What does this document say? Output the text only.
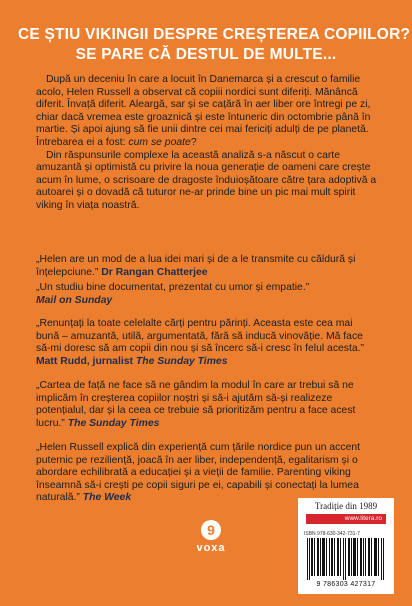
CE ȘTIU VIKINGII DESPRE CREȘTEREA COPIILOR?
SE PARE CĂ DESTUL DE MULTE...

După un deceniu în care a locuit în Danemarca și a crescut o familie acolo, Helen Russell a observat că copiii nordici sunt diferiți. Mănâncă diferit. Învață diferit. Aleargă, sar și se cațără în aer liber ore întregi pe zi, chiar dacă vremea este groaznică și este întuneric din octombrie până în martie. Și apoi ajung să fie unii dintre cei mai fericiți adulți de pe planetă. Întrebarea ei a fost: cum se poate?

Din răspunsurile complexe la această analiză s-a născut o carte amuzantă și optimistă cu privire la noua generație de oameni care crește acum în lume, o scrisoare de dragoste înduioșătoare către țara adoptivă a autoarei și o dovadă că tuturor ne-ar prinde bine un pic mai mult spirit viking în viața noastră.

„Helen are un mod de a lua idei mari și de a le transmite cu căldură și înțelepciune.” Dr Rangan Chatterjee
„Un studiu bine documentat, prezentat cu umor și empatie.”
Mail on Sunday
„Renunțați la toate celelalte cărți pentru părinți. Aceasta este cea mai bună – amuzantă, utilă, argumentată, fără să inducă vinovăție. Mă face să-mi doresc să am copii din nou și să încerc să-i cresc în felul acesta.” Matt Rudd, jurnalist The Sunday Times
„Cartea de față ne face să ne gândim la modul în care ar trebui să ne implicăm în creșterea copiilor noștri și să-i ajutăm să-și realizeze potențialul, dar și la ceea ce trebuie să prioritizăm pentru a face acest lucru.” The Sunday Times
„Helen Russell explică din experiență cum țările nordice pun un accent puternic pe reziliență, joacă în aer liber, independență, egalitarism și o abordare echilibrată a educației și a vieții de familie. Parenting viking înseamnă să-i crești pe copii siguri pe ei, capabili și conectați la lumea naturală.” The Week
9
voxa
Tradiție din 1989
www.litera.ro
ISBN 978-630-342-731-7
9 786303 427317
